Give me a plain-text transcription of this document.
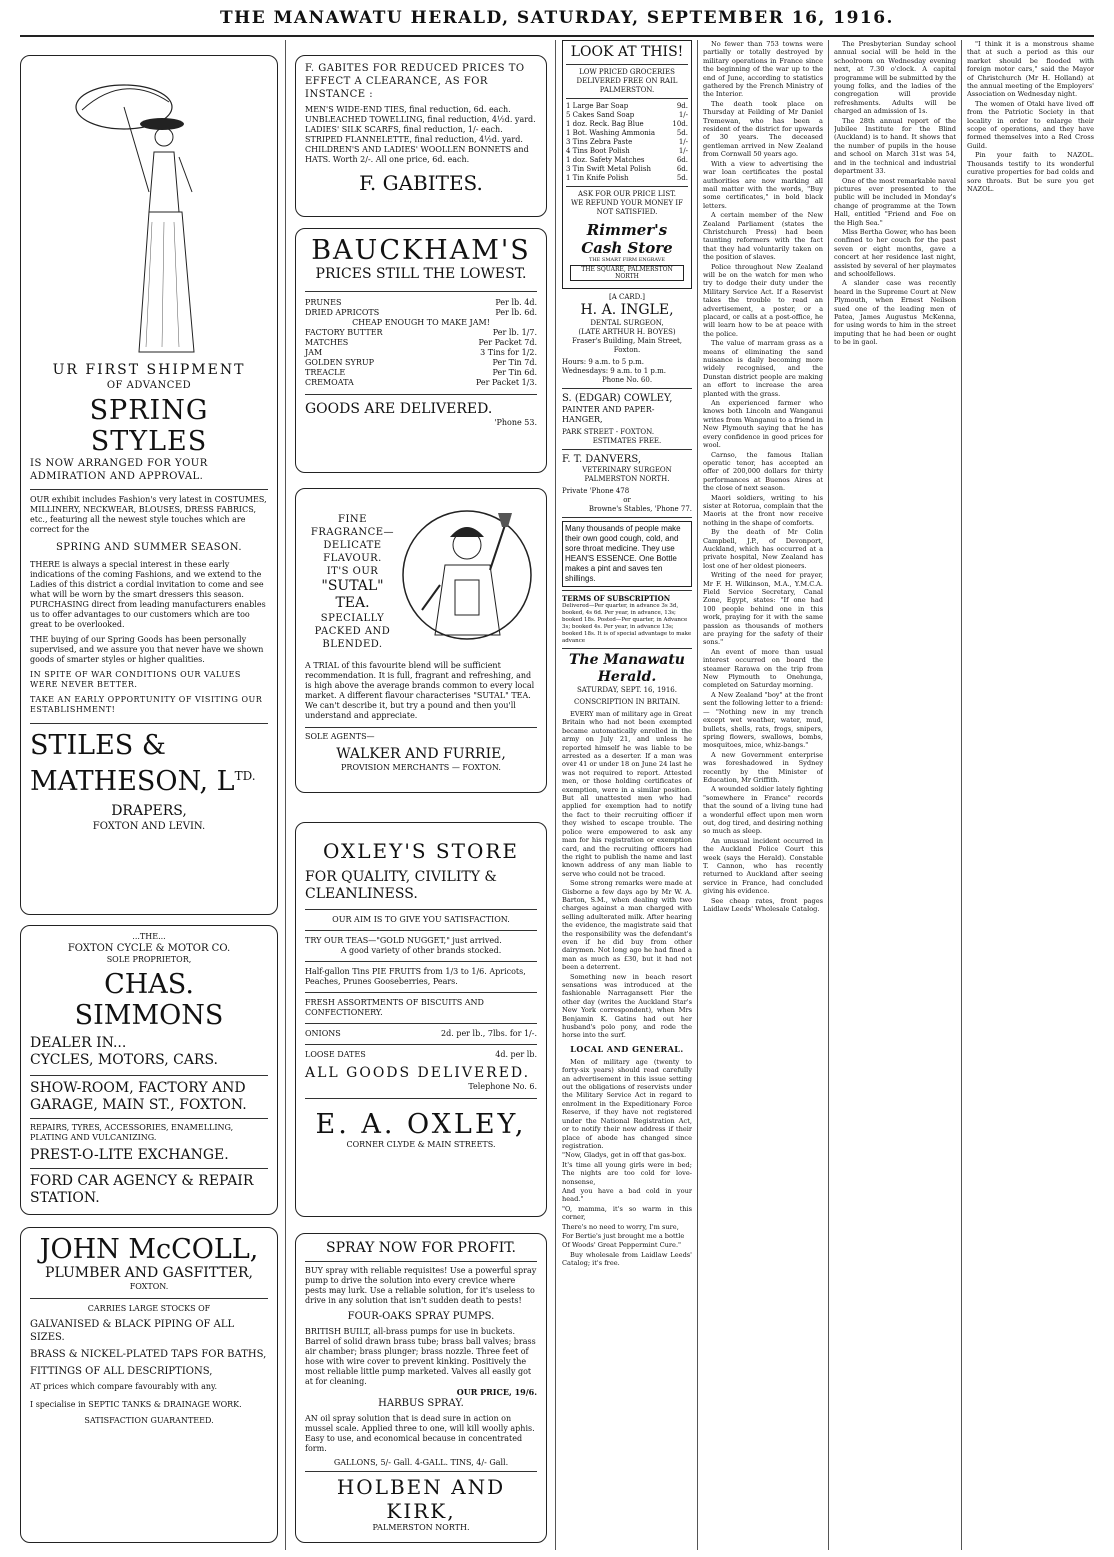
THE MANAWATU HERALD, SATURDAY, SEPTEMBER 16, 1916.
UR FIRST SHIPMENT
OF ADVANCED
SPRING STYLES
IS NOW ARRANGED FOR YOUR
ADMIRATION AND APPROVAL.
OUR exhibit includes Fashion's very latest in COSTUMES, MILLINERY, NECKWEAR, BLOUSES, DRESS FABRICS, etc., featuring all the newest style touches which are correct for the
SPRING AND SUMMER SEASON.
THERE is always a special interest in these early indications of the coming Fashions, and we extend to the Ladies of this district a cordial invitation to come and see what will be worn by the smart dressers this season. PURCHASING direct from leading manufacturers enables us to offer advantages to our customers which are too great to be overlooked.
THE buying of our Spring Goods has been personally supervised, and we assure you that never have we shown goods of smarter styles or higher qualities.
IN SPITE OF WAR CONDITIONS OUR VALUES WERE NEVER BETTER.
TAKE AN EARLY OPPORTUNITY OF VISITING OUR ESTABLISHMENT!
STILES &
MATHESON, $L^{TD.}$
DRAPERS,
FOXTON AND LEVIN.
...THE...
FOXTON CYCLE & MOTOR CO.
SOLE PROPRIETOR,
CHAS. SIMMONS
DEALER IN...
CYCLES, MOTORS, CARS.
SHOW-ROOM, FACTORY AND GARAGE, MAIN ST., FOXTON.
REPAIRS, TYRES, ACCESSORIES, ENAMELLING, PLATING AND VULCANIZING.
PREST-O-LITE EXCHANGE.
FORD CAR AGENCY & REPAIR STATION.
JOHN McCOLL,
PLUMBER AND GASFITTER,
FOXTON.
CARRIES LARGE STOCKS OF
GALVANISED & BLACK PIPING OF ALL SIZES.
BRASS & NICKEL-PLATED TAPS FOR BATHS,
FITTINGS OF ALL DESCRIPTIONS,
AT prices which compare favourably with any.
I specialise in SEPTIC TANKS & DRAINAGE WORK.
SATISFACTION GUARANTEED.
F. GABITES FOR REDUCED PRICES TO EFFECT A CLEARANCE, AS FOR INSTANCE :
MEN'S WIDE-END TIES, final reduction, 6d. each.
UNBLEACHED TOWELLING, final reduction, 4½d. yard.
LADIES' SILK SCARFS, final reduction, 1/- each.
STRIPED FLANNELETTE, final reduction, 4½d. yard.
CHILDREN'S AND LADIES' WOOLLEN BONNETS and HATS. Worth 2/-. All one price, 6d. each.
F. GABITES.
BAUCKHAM'S
PRICES STILL THE LOWEST.
PRUNES	Per lb. 4d.
DRIED APRICOTS	Per lb. 6d.
CHEAP ENOUGH TO MAKE JAM!
FACTORY BUTTER	Per lb. 1/7.
MATCHES	Per Packet 7d.
JAM	3 Tins for 1/2.
GOLDEN SYRUP	Per Tin 7d.
TREACLE	Per Tin 6d.
CREMOATA	Per Packet 1/3.
GOODS ARE DELIVERED.
'Phone 53.
FINE
FRAGRANCE—
DELICATE
FLAVOUR.
IT'S OUR
"SUTAL"
TEA.
SPECIALLY
PACKED AND
BLENDED.
A TRIAL of this favourite blend will be sufficient recommendation. It is full, fragrant and refreshing, and is high above the average brands common to every local market. A different flavour characterises "SUTAL" TEA. We can't describe it, but try a pound and then you'll understand and appreciate.
SOLE AGENTS—
WALKER AND FURRIE,
PROVISION MERCHANTS — FOXTON.
OXLEY'S STORE
FOR QUALITY, CIVILITY & CLEANLINESS.
OUR AIM IS TO GIVE YOU SATISFACTION.
TRY OUR TEAS—"GOLD NUGGET," just arrived.
A good variety of other brands stocked.
Half-gallon Tins PIE FRUITS from 1/3 to 1/6. Apricots, Peaches, Prunes Gooseberries, Pears.
FRESH ASSORTMENTS OF BISCUITS AND CONFECTIONERY.
ONIONS	2d. per lb., 7lbs. for 1/-.
LOOSE DATES	4d. per lb.
ALL GOODS DELIVERED.
Telephone No. 6.
E. A. OXLEY,
CORNER CLYDE & MAIN STREETS.
SPRAY NOW FOR PROFIT.
BUY spray with reliable requisites! Use a powerful spray pump to drive the solution into every crevice where pests may lurk. Use a reliable solution, for it's useless to drive in any solution that isn't sudden death to pests!
FOUR-OAKS SPRAY PUMPS.
BRITISH BUILT, all-brass pumps for use in buckets. Barrel of solid drawn brass tube; brass ball valves; brass air chamber; brass plunger; brass nozzle. Three feet of hose with wire cover to prevent kinking. Positively the most reliable little pump marketed. Valves all easily got at for cleaning.
OUR PRICE, 19/6.
HARBUS SPRAY.
AN oil spray solution that is dead sure in action on mussel scale. Applied three to one, will kill woolly aphis. Easy to use, and economical because in concentrated form.
GALLONS, 5/- Gall. 4-GALL. TINS, 4/- Gall.
HOLBEN AND KIRK,
PALMERSTON NORTH.
LOOK AT THIS!
LOW PRICED GROCERIES DELIVERED FREE ON RAIL PALMERSTON.
1 Large Bar Soap	9d.
5 Cakes Sand Soap	1/-
1 doz. Reck. Bag Blue	10d.
1 Bot. Washing Ammonia	5d.
3 Tins Zebra Paste	1/-
4 Tins Boot Polish	1/-
1 doz. Safety Matches	6d.
3 Tin Swift Metal Polish	6d.
1 Tin Knife Polish	5d.
ASK FOR OUR PRICE LIST.
WE REFUND YOUR MONEY IF NOT SATISFIED.
Rimmer's Cash Store
THE SMART FIRM ENGRAVE
THE SQUARE, PALMERSTON NORTH
[A CARD.]
H. A. INGLE,
DENTAL SURGEON,
(LATE ARTHUR H. BOYES)
Fraser's Building, Main Street,
Foxton.
Hours: 9 a.m. to 5 p.m. Wednesdays: 9 a.m. to 1 p.m.
Phone No. 60.
S. (EDGAR) COWLEY,
PAINTER AND PAPER-HANGER,
PARK STREET - FOXTON.
ESTIMATES FREE.
F. T. DANVERS,
VETERINARY SURGEON
PALMERSTON NORTH.
Private 'Phone 478
or
Browne's Stables, 'Phone 77.
Many thousands of people make their own good cough, cold, and sore throat medicine. They use HEAN'S ESSENCE. One Bottle makes a pint and saves ten shillings.
TERMS OF SUBSCRIPTION
Delivered—Per quarter, in advance 3s 3d, booked, 4s 6d. Per year, in advance, 13s; booked 18s. Posted—Per quarter, in Advance 3s; booked 4s. Per year, in advance 13s; booked 18s. It is of special advantage to make advance
The Manawatu Herald.
SATURDAY, SEPT. 16, 1916.
CONSCRIPTION IN BRITAIN.

EVERY man of military age in Great Britain who had not been exempted became automatically enrolled in the army on July 21, and unless he reported himself he was liable to be arrested as a deserter. If a man was over 41 or under 18 on June 24 last he was not required to report. Attested men, or those holding certificates of exemption, were in a similar position. But all unattested men who had applied for exemption had to notify the fact to their recruiting officer if they wished to escape trouble. The police were empowered to ask any man for his registration or exemption card, and the recruiting officers had the right to publish the name and last known address of any man liable to serve who could not be traced.

Some strong remarks were made at Gisborne a few days ago by Mr W. A. Barton, S.M., when dealing with two charges against a man charged with selling adulterated milk. After hearing the evidence, the magistrate said that the responsibility was the defendant's even if he did buy from other dairymen. Not long ago he had fined a man as much as £30, but it had not been a deterrent.

Something new in beach resort sensations was introduced at the fashionable Narragansett Pier the other day (writes the Auckland Star's New York correspondent), when Mrs Benjamin K. Gatins had out her husband's polo pony, and rode the horse into the surf.

LOCAL AND GENERAL.

Men of military age (twenty to forty-six years) should read carefully an advertisement in this issue setting out the obligations of reservists under the Military Service Act in regard to enrolment in the Expeditionary Force Reserve, if they have not registered under the National Registration Act, or to notify their new address if their place of abode has changed since registration.

"Now, Gladys, get in off that gas-box.

It's time all young girls were in bed; The nights are too cold for love-nonsense,

And you have a bad cold in your head."

"O, mamma, it's so warm in this corner,

There's no need to worry, I'm sure,

For Bertie's just brought me a bottle

Of Woods' Great Peppermint Cure."

Buy wholesale from Laidlaw Leeds' Catalog; it's free.

No fewer than 753 towns were partially or totally destroyed by military operations in France since the beginning of the war up to the end of June, according to statistics gathered by the French Ministry of the Interior.

The death took place on Thursday at Feilding of Mr Daniel Tremewan, who has been a resident of the district for upwards of 30 years. The deceased gentleman arrived in New Zealand from Cornwall 50 years ago.

With a view to advertising the war loan certificates the postal authorities are now marking all mail matter with the words, "Buy some certificates," in bold black letters.

A certain member of the New Zealand Parliament (states the Christchurch Press) had been taunting reformers with the fact that they had voluntarily taken on the position of slaves.

Police throughout New Zealand will be on the watch for men who try to dodge their duty under the Military Service Act. If a Reservist takes the trouble to read an advertisement, a poster, or a placard, or calls at a post-office, he will learn how to be at peace with the police.

The value of marram grass as a means of eliminating the sand nuisance is daily becoming more widely recognised, and the Dunstan district people are making an effort to increase the area planted with the grass.

An experienced farmer who knows both Lincoln and Wanganui writes from Wanganui to a friend in New Plymouth saying that he has every confidence in good prices for wool.

Carnso, the famous Italian operatic tenor, has accepted an offer of 200,000 dollars for thirty performances at Buenos Aires at the close of next season.

Maori soldiers, writing to his sister at Rotorua, complain that the Maoris at the front now receive nothing in the shape of comforts.

By the death of Mr Colin Campbell, J.P., of Devonport, Auckland, which has occurred at a private hospital, New Zealand has lost one of her oldest pioneers.

Writing of the need for prayer, Mr F. H. Wilkinson, M.A., Y.M.C.A. Field Service Secretary, Canal Zone, Egypt, states: "If one had 100 people behind one in this work, praying for it with the same passion as thousands of mothers are praying for the safety of their sons."

An event of more than usual interest occurred on board the steamer Rarawa on the trip from New Plymouth to Onehunga, completed on Saturday morning.

A New Zealand "boy" at the front sent the following letter to a friend:— "Nothing new in my trench except wet weather, water, mud, bullets, shells, rats, frogs, snipers, spring flowers, swallows, bombs, mosquitoes, mice, whiz-bangs."

A new Government enterprise was foreshadowed in Sydney recently by the Minister of Education, Mr Griffith.

A wounded soldier lately fighting "somewhere in France" records that the sound of a living tune had a wonderful effect upon men worn out, dog tired, and desiring nothing so much as sleep.

An unusual incident occurred in the Auckland Police Court this week (says the Herald). Constable T. Cannon, who has recently returned to Auckland after seeing service in France, had concluded giving his evidence.

See cheap rates, front pages Laidlaw Leeds' Wholesale Catalog.

The Presbyterian Sunday school annual social will be held in the schoolroom on Wednesday evening next, at 7.30 o'clock. A capital programme will be submitted by the young folks, and the ladies of the congregation will provide refreshments. Adults will be charged an admission of 1s.

The 28th annual report of the Jubilee Institute for the Blind (Auckland) is to hand. It shows that the number of pupils in the house and school on March 31st was 54, and in the technical and industrial department 33.

One of the most remarkable naval pictures ever presented to the public will be included in Monday's change of programme at the Town Hall, entitled "Friend and Foe on the High Sea."

Miss Bertha Gower, who has been confined to her couch for the past seven or eight months, gave a concert at her residence last night, assisted by several of her playmates and schoolfellows.

A slander case was recently heard in the Supreme Court at New Plymouth, when Ernest Neilson sued one of the leading men of Patea, James Augustus McKenna, for using words to him in the street imputing that he had been or ought to be in gaol.

"I think it is a monstrous shame that at such a period as this our market should be flooded with foreign motor cars," said the Mayor of Christchurch (Mr H. Holland) at the annual meeting of the Employers' Association on Wednesday night.

The women of Otaki have lived off from the Patriotic Society in that locality in order to enlarge their scope of operations, and they have formed themselves into a Red Cross Guild.

Pin your faith to NAZOL. Thousands testify to its wonderful curative properties for bad colds and sore throats. But be sure you get NAZOL.
